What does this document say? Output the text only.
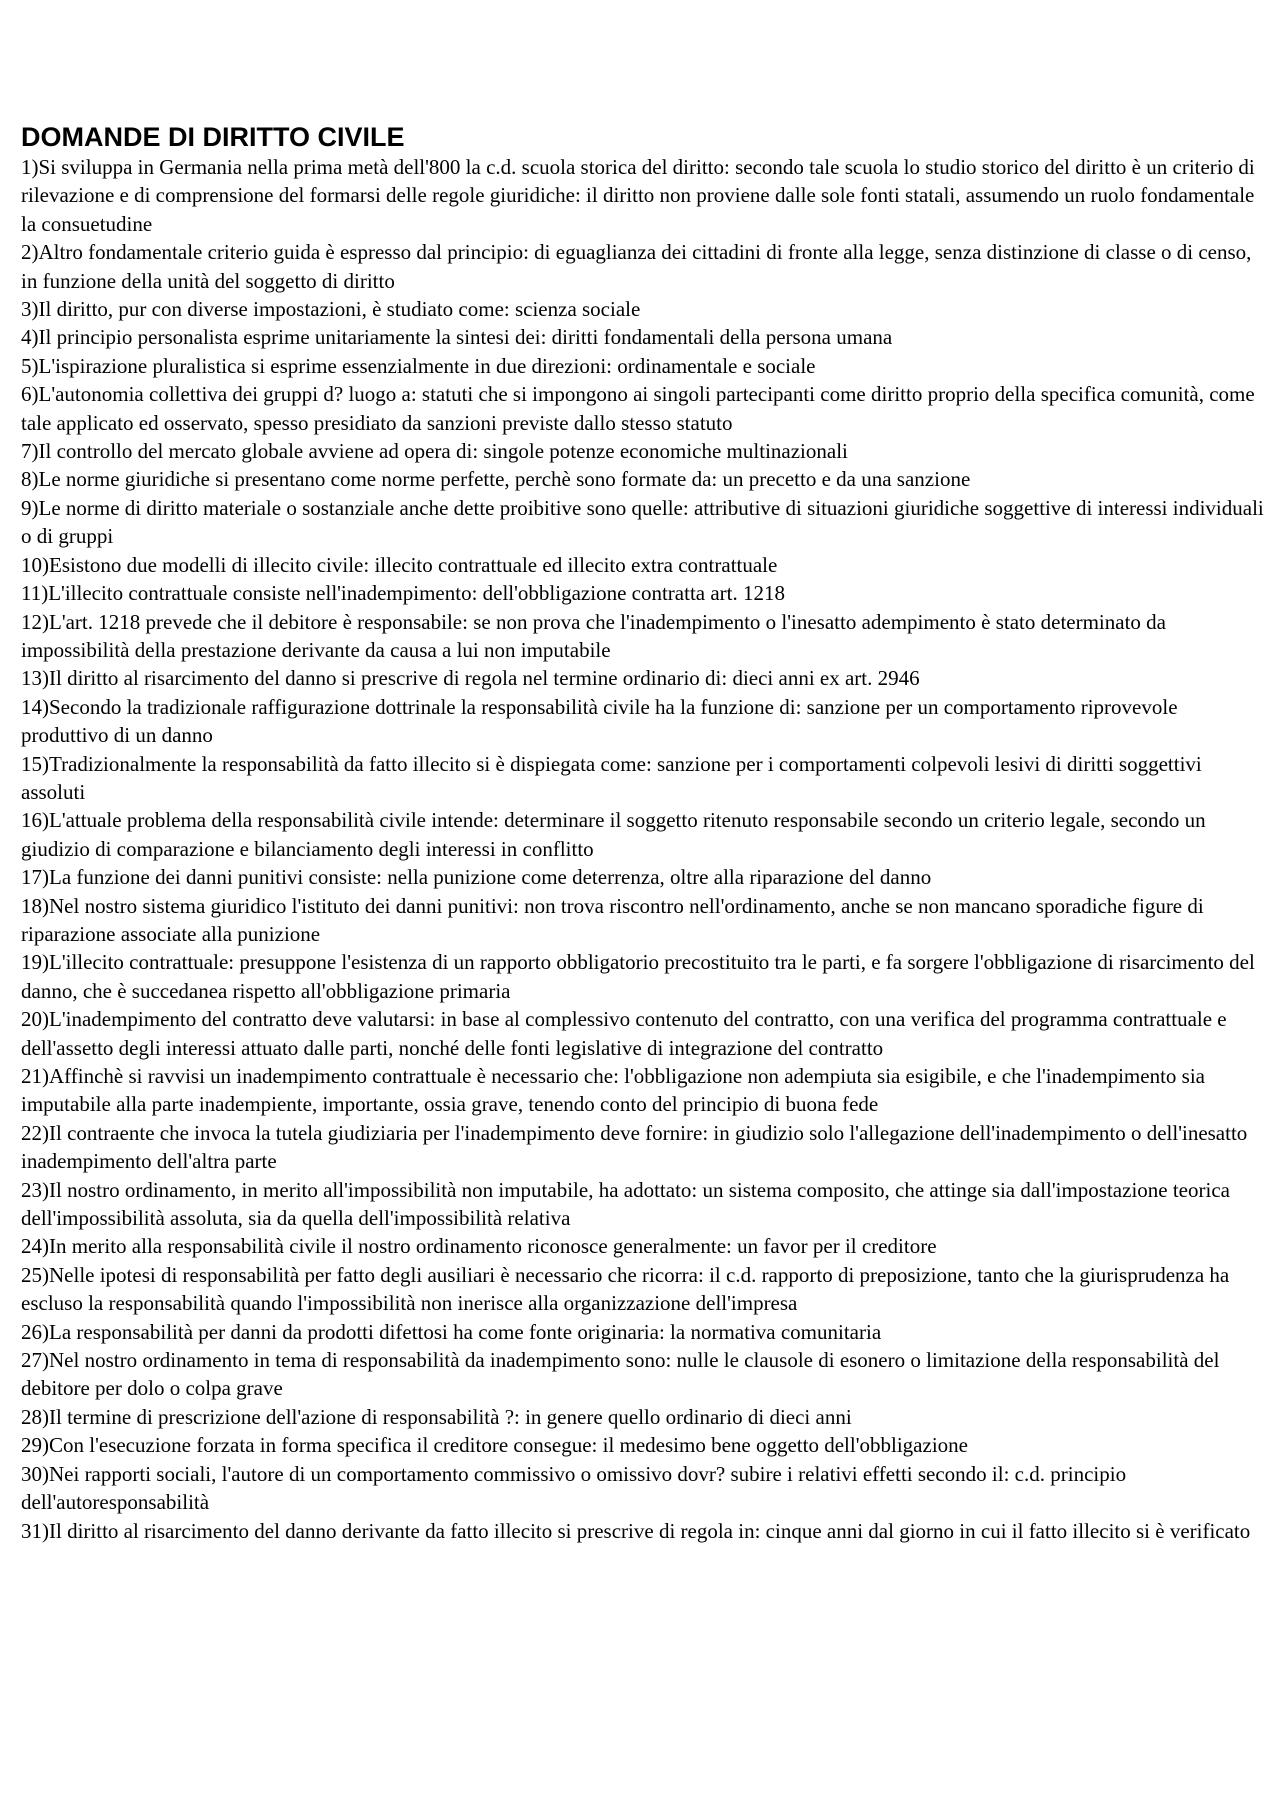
DOMANDE DI DIRITTO CIVILE
1)Si sviluppa in Germania nella prima metà dell'800 la c.d. scuola storica del diritto: secondo tale scuola lo studio storico del diritto è un criterio di rilevazione e di comprensione del formarsi delle regole giuridiche: il diritto non proviene dalle sole fonti statali, assumendo un ruolo fondamentale la consuetudine
2)Altro fondamentale criterio guida è espresso dal principio: di eguaglianza dei cittadini di fronte alla legge, senza distinzione di classe o di censo, in funzione della unità del soggetto di diritto
3)Il diritto, pur con diverse impostazioni, è studiato come: scienza sociale
4)Il principio personalista esprime unitariamente la sintesi dei: diritti fondamentali della persona umana
5)L'ispirazione pluralistica si esprime essenzialmente in due direzioni: ordinamentale e sociale
6)L'autonomia collettiva dei gruppi d? luogo a: statuti che si impongono ai singoli partecipanti come diritto proprio della specifica comunità, come tale applicato ed osservato, spesso presidiato da sanzioni previste dallo stesso statuto
7)Il controllo del mercato globale avviene ad opera di: singole potenze economiche multinazionali
8)Le norme giuridiche si presentano come norme perfette, perchè sono formate da: un precetto e da una sanzione
9)Le norme di diritto materiale o sostanziale anche dette proibitive sono quelle: attributive di situazioni giuridiche soggettive di interessi individuali o di gruppi
10)Esistono due modelli di illecito civile: illecito contrattuale ed illecito extra contrattuale
11)L'illecito contrattuale consiste nell'inadempimento: dell'obbligazione contratta art. 1218
12)L'art. 1218 prevede che il debitore è responsabile: se non prova che l'inadempimento o l'inesatto adempimento è stato determinato da impossibilità della prestazione derivante da causa a lui non imputabile
13)Il diritto al risarcimento del danno si prescrive di regola nel termine ordinario di: dieci anni ex art. 2946
14)Secondo la tradizionale raffigurazione dottrinale la responsabilità civile ha la funzione di: sanzione per un comportamento riprovevole produttivo di un danno
15)Tradizionalmente la responsabilità da fatto illecito si è dispiegata come: sanzione per i comportamenti colpevoli lesivi di diritti soggettivi assoluti
16)L'attuale problema della responsabilità civile intende: determinare il soggetto ritenuto responsabile secondo un criterio legale, secondo un giudizio di comparazione e bilanciamento degli interessi in conflitto
17)La funzione dei danni punitivi consiste: nella punizione come deterrenza, oltre alla riparazione del danno
18)Nel nostro sistema giuridico l'istituto dei danni punitivi: non trova riscontro nell'ordinamento, anche se non mancano sporadiche figure di riparazione associate alla punizione
19)L'illecito contrattuale: presuppone l'esistenza di un rapporto obbligatorio precostituito tra le parti, e fa sorgere l'obbligazione di risarcimento del danno, che è succedanea rispetto all'obbligazione primaria
20)L'inadempimento del contratto deve valutarsi: in base al complessivo contenuto del contratto, con una verifica del programma contrattuale e dell'assetto degli interessi attuato dalle parti, nonché delle fonti legislative di integrazione del contratto
21)Affinchè si ravvisi un inadempimento contrattuale è necessario che: l'obbligazione non adempiuta sia esigibile, e che l'inadempimento sia imputabile alla parte inadempiente, importante, ossia grave, tenendo conto del principio di buona fede
22)Il contraente che invoca la tutela giudiziaria per l'inadempimento deve fornire: in giudizio solo l'allegazione dell'inadempimento o dell'inesatto inadempimento dell'altra parte
23)Il nostro ordinamento, in merito all'impossibilità non imputabile, ha adottato: un sistema composito, che attinge sia dall'impostazione teorica dell'impossibilità assoluta, sia da quella dell'impossibilità relativa
24)In merito alla responsabilità civile il nostro ordinamento riconosce generalmente: un favor per il creditore
25)Nelle ipotesi di responsabilità per fatto degli ausiliari è necessario che ricorra: il c.d. rapporto di preposizione, tanto che la giurisprudenza ha escluso la responsabilità quando l'impossibilità non inerisce alla organizzazione dell'impresa
26)La responsabilità per danni da prodotti difettosi ha come fonte originaria: la normativa comunitaria
27)Nel nostro ordinamento in tema di responsabilità da inadempimento sono: nulle le clausole di esonero o limitazione della responsabilità del debitore per dolo o colpa grave
28)Il termine di prescrizione dell'azione di responsabilità ?: in genere quello ordinario di dieci anni
29)Con l'esecuzione forzata in forma specifica il creditore consegue: il medesimo bene oggetto dell'obbligazione
30)Nei rapporti sociali, l'autore di un comportamento commissivo o omissivo dovr? subire i relativi effetti secondo il: c.d. principio dell'autoresponsabilità
31)Il diritto al risarcimento del danno derivante da fatto illecito si prescrive di regola in: cinque anni dal giorno in cui il fatto illecito si è verificato
